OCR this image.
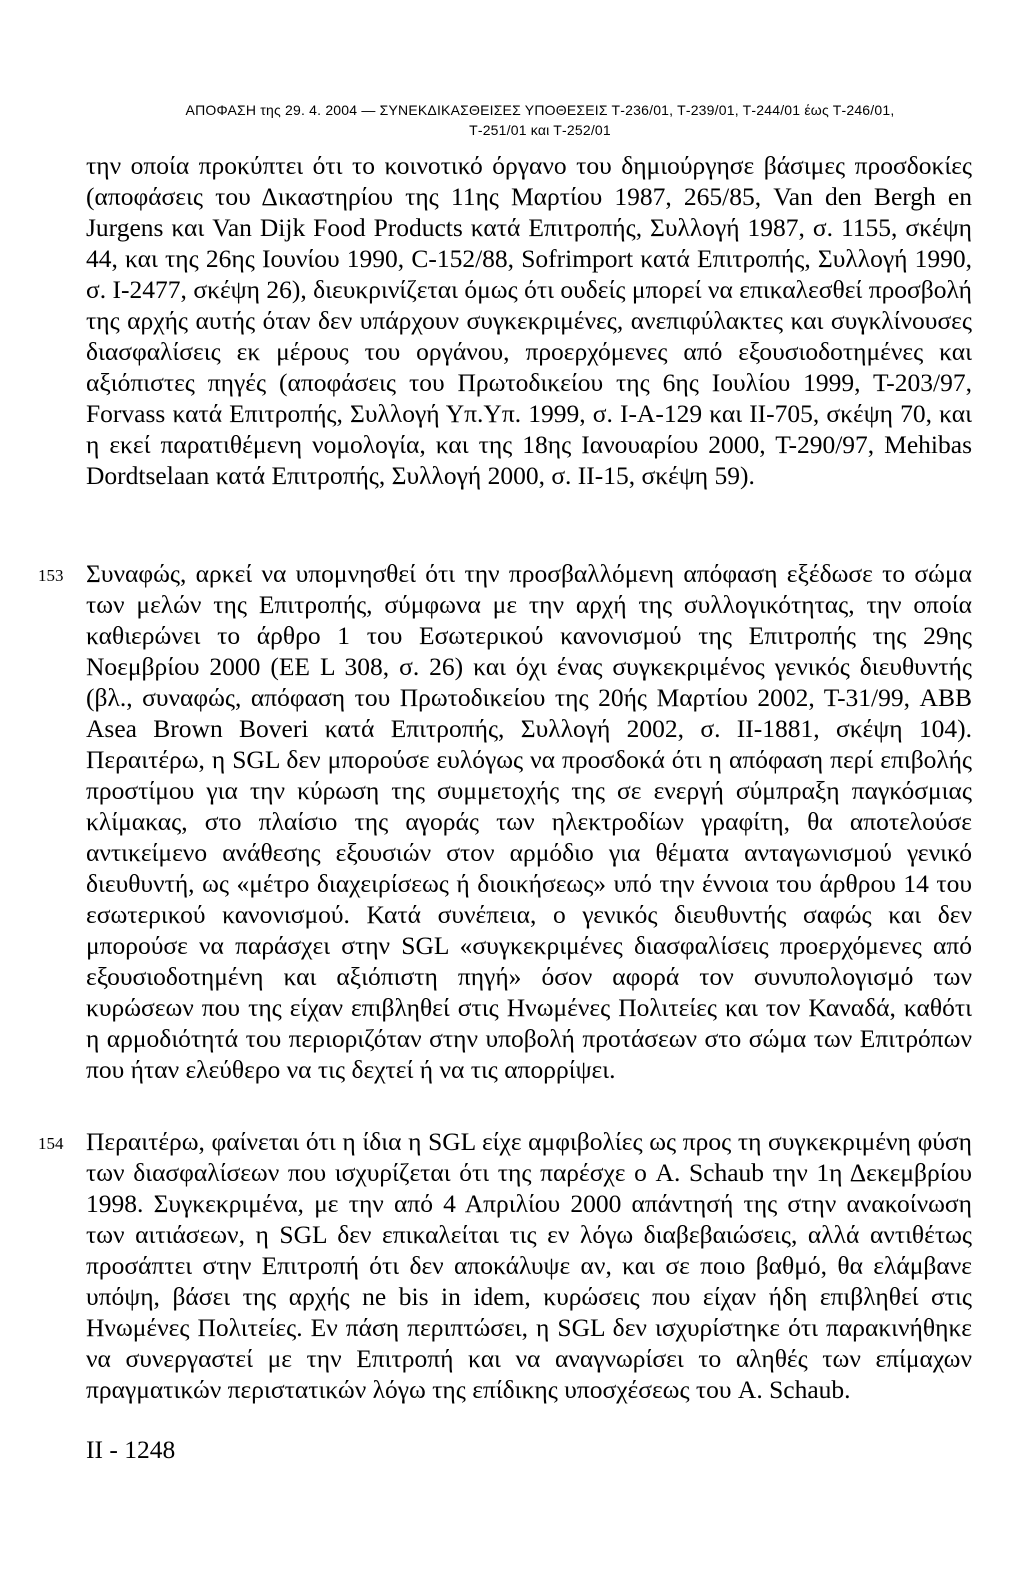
ΑΠΟΦΑΣΗ της 29. 4. 2004 — ΣΥΝΕΚΔΙΚΑΣΘΕΙΣΕΣ ΥΠΟΘΕΣΕΙΣ Τ-236/01, Τ-239/01, Τ-244/01 έως Τ-246/01,
Τ-251/01 και Τ-252/01
την οποία προκύπτει ότι το κοινοτικό όργανο του δημιούργησε βάσιμες προσδοκίες (αποφάσεις του Δικαστηρίου της 11ης Μαρτίου 1987, 265/85, Van den Bergh en Jurgens και Van Dijk Food Products κατά Επιτροπής, Συλλογή 1987, σ. 1155, σκέψη 44, και της 26ης Ιουνίου 1990, C-152/88, Sofrimport κατά Επιτροπής, Συλλογή 1990, σ. I-2477, σκέψη 26), διευκρινίζεται όμως ότι ουδείς μπορεί να επικαλεσθεί προσβολή της αρχής αυτής όταν δεν υπάρχουν συγκεκριμένες, ανεπιφύλακτες και συγκλίνουσες διασφαλίσεις εκ μέρους του οργάνου, προερχόμενες από εξουσιοδοτημένες και αξιόπιστες πηγές (αποφάσεις του Πρωτοδικείου της 6ης Ιουλίου 1999, Τ-203/97, Forvass κατά Επιτροπής, Συλλογή Υπ.Υπ. 1999, σ. I-A-129 και II-705, σκέψη 70, και η εκεί παρατιθέμενη νομολογία, και της 18ης Ιανουαρίου 2000, Τ-290/97, Mehibas Dordtselaan κατά Επιτροπής, Συλλογή 2000, σ. II-15, σκέψη 59).
153 Συναφώς, αρκεί να υπομνησθεί ότι την προσβαλλόμενη απόφαση εξέδωσε το σώμα των μελών της Επιτροπής, σύμφωνα με την αρχή της συλλογικότητας, την οποία καθιερώνει το άρθρο 1 του Εσωτερικού κανονισμού της Επιτροπής της 29ης Νοεμβρίου 2000 (ΕΕ L 308, σ. 26) και όχι ένας συγκεκριμένος γενικός διευθυντής (βλ., συναφώς, απόφαση του Πρωτοδικείου της 20ής Μαρτίου 2002, Τ-31/99, ABB Asea Brown Boveri κατά Επιτροπής, Συλλογή 2002, σ. II-1881, σκέψη 104). Περαιτέρω, η SGL δεν μπορούσε ευλόγως να προσδοκά ότι η απόφαση περί επιβολής προστίμου για την κύρωση της συμμετοχής της σε ενεργή σύμπραξη παγκόσμιας κλίμακας, στο πλαίσιο της αγοράς των ηλεκτροδίων γραφίτη, θα αποτελούσε αντικείμενο ανάθεσης εξουσιών στον αρμόδιο για θέματα ανταγωνισμού γενικό διευθυντή, ως «μέτρο διαχειρίσεως ή διοικήσεως» υπό την έννοια του άρθρου 14 του εσωτερικού κανονισμού. Κατά συνέπεια, ο γενικός διευθυντής σαφώς και δεν μπορούσε να παράσχει στην SGL «συγκεκριμένες διασφαλίσεις προερχόμενες από εξουσιοδοτημένη και αξιόπιστη πηγή» όσον αφορά τον συνυπολογισμό των κυρώσεων που της είχαν επιβληθεί στις Ηνωμένες Πολιτείες και τον Καναδά, καθότι η αρμοδιότητά του περιοριζόταν στην υποβολή προτάσεων στο σώμα των Επιτρόπων που ήταν ελεύθερο να τις δεχτεί ή να τις απορρίψει.
154 Περαιτέρω, φαίνεται ότι η ίδια η SGL είχε αμφιβολίες ως προς τη συγκεκριμένη φύση των διασφαλίσεων που ισχυρίζεται ότι της παρέσχε ο A. Schaub την 1η Δεκεμβρίου 1998. Συγκεκριμένα, με την από 4 Απριλίου 2000 απάντησή της στην ανακοίνωση των αιτιάσεων, η SGL δεν επικαλείται τις εν λόγω διαβεβαιώσεις, αλλά αντιθέτως προσάπτει στην Επιτροπή ότι δεν αποκάλυψε αν, και σε ποιο βαθμό, θα ελάμβανε υπόψη, βάσει της αρχής ne bis in idem, κυρώσεις που είχαν ήδη επιβληθεί στις Ηνωμένες Πολιτείες. Εν πάση περιπτώσει, η SGL δεν ισχυρίστηκε ότι παρακινήθηκε να συνεργαστεί με την Επιτροπή και να αναγνωρίσει το αληθές των επίμαχων πραγματικών περιστατικών λόγω της επίδικης υποσχέσεως του A. Schaub.
II - 1248
